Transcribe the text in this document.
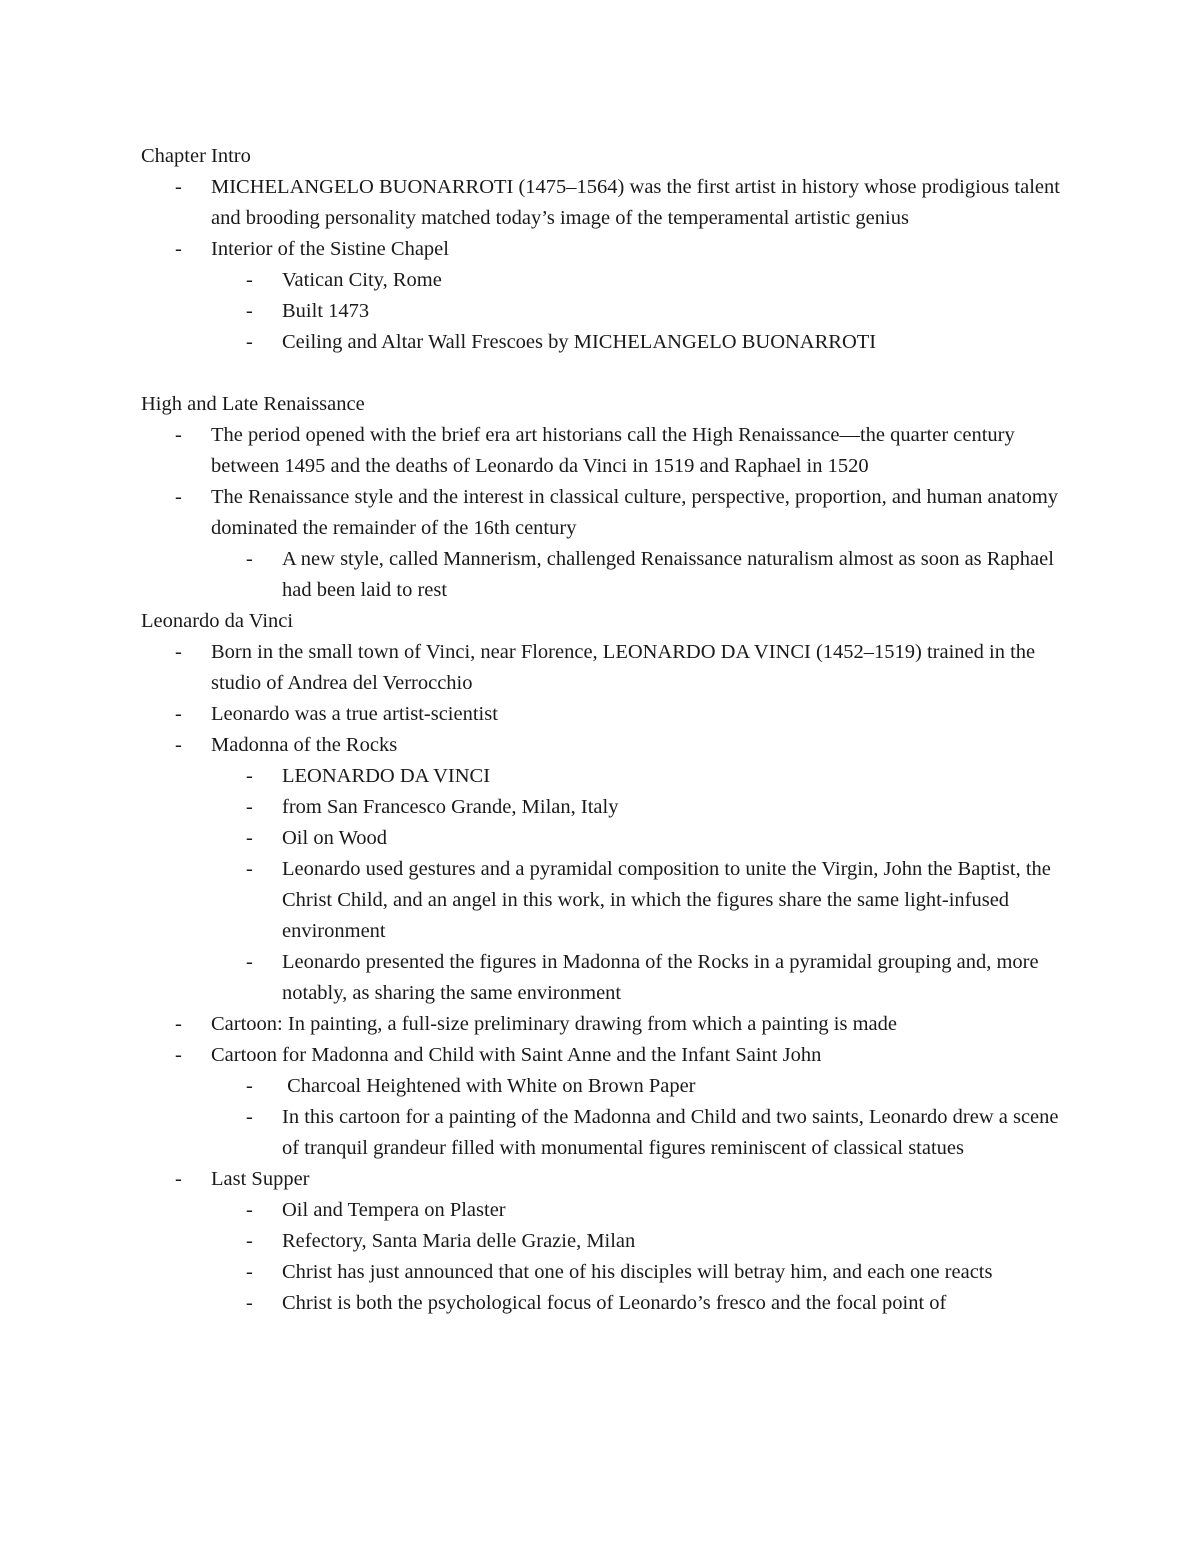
Chapter Intro
- MICHELANGELO BUONARROTI (1475–1564) was the first artist in history whose prodigious talent and brooding personality matched today’s image of the temperamental artistic genius
- Interior of the Sistine Chapel
- Vatican City, Rome
- Built 1473
- Ceiling and Altar Wall Frescoes by MICHELANGELO BUONARROTI
High and Late Renaissance
- The period opened with the brief era art historians call the High Renaissance—the quarter century between 1495 and the deaths of Leonardo da Vinci in 1519 and Raphael in 1520
- The Renaissance style and the interest in classical culture, perspective, proportion, and human anatomy dominated the remainder of the 16th century
- A new style, called Mannerism, challenged Renaissance naturalism almost as soon as Raphael had been laid to rest
Leonardo da Vinci
- Born in the small town of Vinci, near Florence, LEONARDO DA VINCI (1452–1519) trained in the studio of Andrea del Verrocchio
- Leonardo was a true artist-scientist
- Madonna of the Rocks
- LEONARDO DA VINCI
- from San Francesco Grande, Milan, Italy
- Oil on Wood
- Leonardo used gestures and a pyramidal composition to unite the Virgin, John the Baptist, the Christ Child, and an angel in this work, in which the figures share the same light-infused environment
- Leonardo presented the figures in Madonna of the Rocks in a pyramidal grouping and, more notably, as sharing the same environment
- Cartoon: In painting, a full-size preliminary drawing from which a painting is made
- Cartoon for Madonna and Child with Saint Anne and the Infant Saint John
- Charcoal Heightened with White on Brown Paper
- In this cartoon for a painting of the Madonna and Child and two saints, Leonardo drew a scene of tranquil grandeur filled with monumental figures reminiscent of classical statues
- Last Supper
- Oil and Tempera on Plaster
- Refectory, Santa Maria delle Grazie, Milan
- Christ has just announced that one of his disciples will betray him, and each one reacts
- Christ is both the psychological focus of Leonardo’s fresco and the focal point of
